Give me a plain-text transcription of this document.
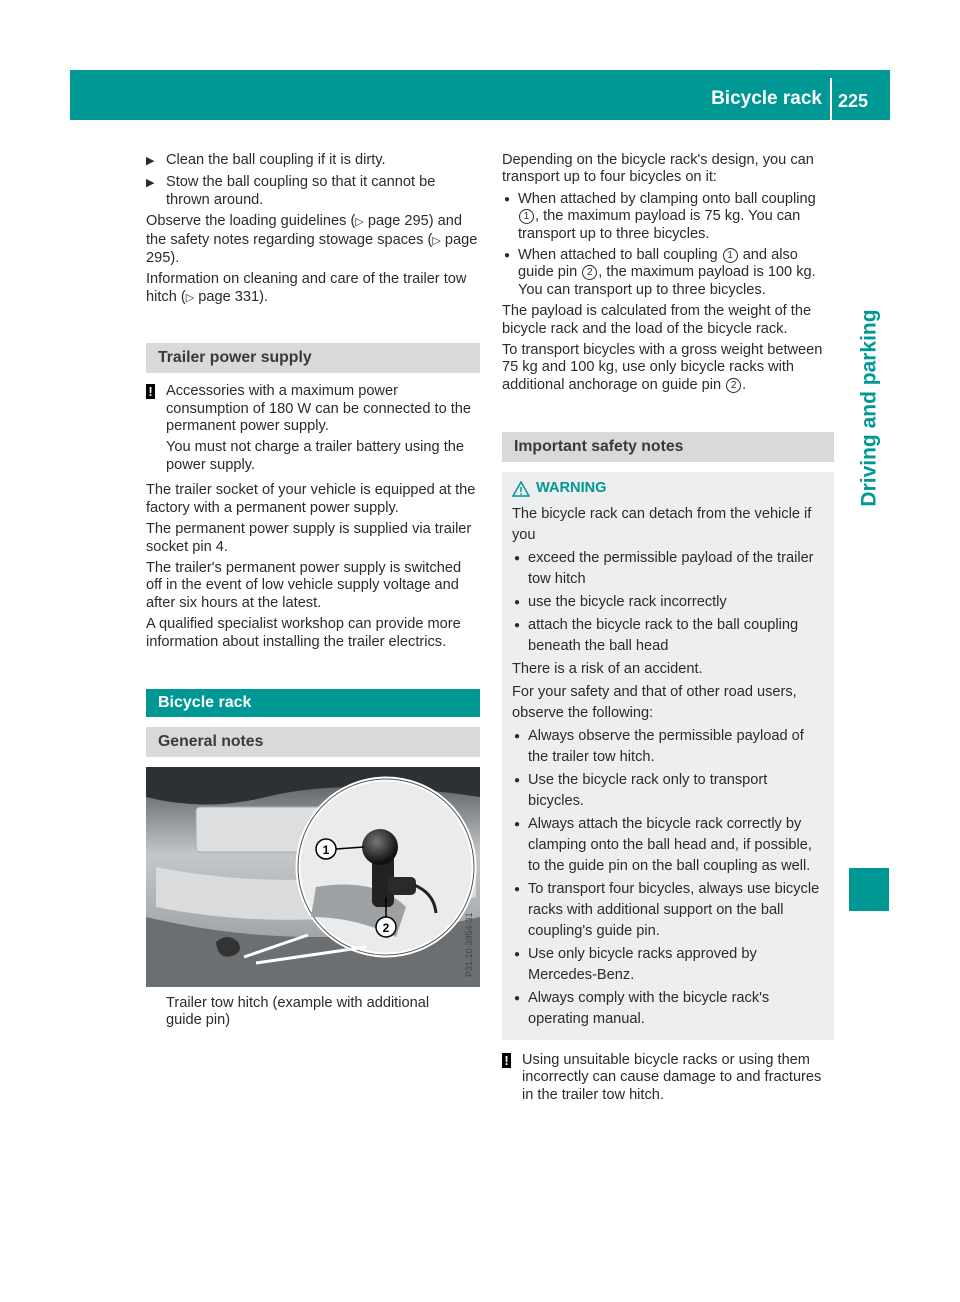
Bicycle rack 225
Driving and parking
▶ Clean the ball coupling if it is dirty.
▶ Stow the ball coupling so that it cannot be thrown around.

Observe the loading guidelines (▷ page 295) and the safety notes regarding stowage spaces (▷ page 295).

Information on cleaning and care of the trailer tow hitch (▷ page 331).

Trailer power supply
! Accessories with a maximum power consumption of 180 W can be connected to the permanent power supply.

You must not charge a trailer battery using the power supply.

The trailer socket of your vehicle is equipped at the factory with a permanent power supply.

The permanent power supply is supplied via trailer socket pin 4.

The trailer's permanent power supply is switched off in the event of low vehicle supply voltage and after six hours at the latest.

A qualified specialist workshop can provide more information about installing the trailer electrics.

Bicycle rack
General notes
1
2	P31.10-3854-31
Trailer tow hitch (example with additional guide pin)

Depending on the bicycle rack's design, you can transport up to four bicycles on it:

● When attached by clamping onto ball coupling 1 , the maximum payload is 75 kg. You can transport up to three bicycles.
● When attached to ball coupling 1 and also guide pin 2 , the maximum payload is 100 kg. You can transport up to three bicycles.

The payload is calculated from the weight of the bicycle rack and the load of the bicycle rack.

To transport bicycles with a gross weight between 75 kg and 100 kg, use only bicycle racks with additional anchorage on guide pin 2 .

Important safety notes
WARNING

The bicycle rack can detach from the vehicle if you

● exceed the permissible payload of the trailer tow hitch
● use the bicycle rack incorrectly
● attach the bicycle rack to the ball coupling beneath the ball head

There is a risk of an accident.

For your safety and that of other road users, observe the following:

● Always observe the permissible payload of the trailer tow hitch.
● Use the bicycle rack only to transport bicycles.
● Always attach the bicycle rack correctly by clamping onto the ball head and, if possible, to the guide pin on the ball coupling as well.
● To transport four bicycles, always use bicycle racks with additional support on the ball coupling's guide pin.
● Use only bicycle racks approved by Mercedes-Benz.
● Always comply with the bicycle rack's operating manual.
! Using unsuitable bicycle racks or using them incorrectly can cause damage to and fractures in the trailer tow hitch.
